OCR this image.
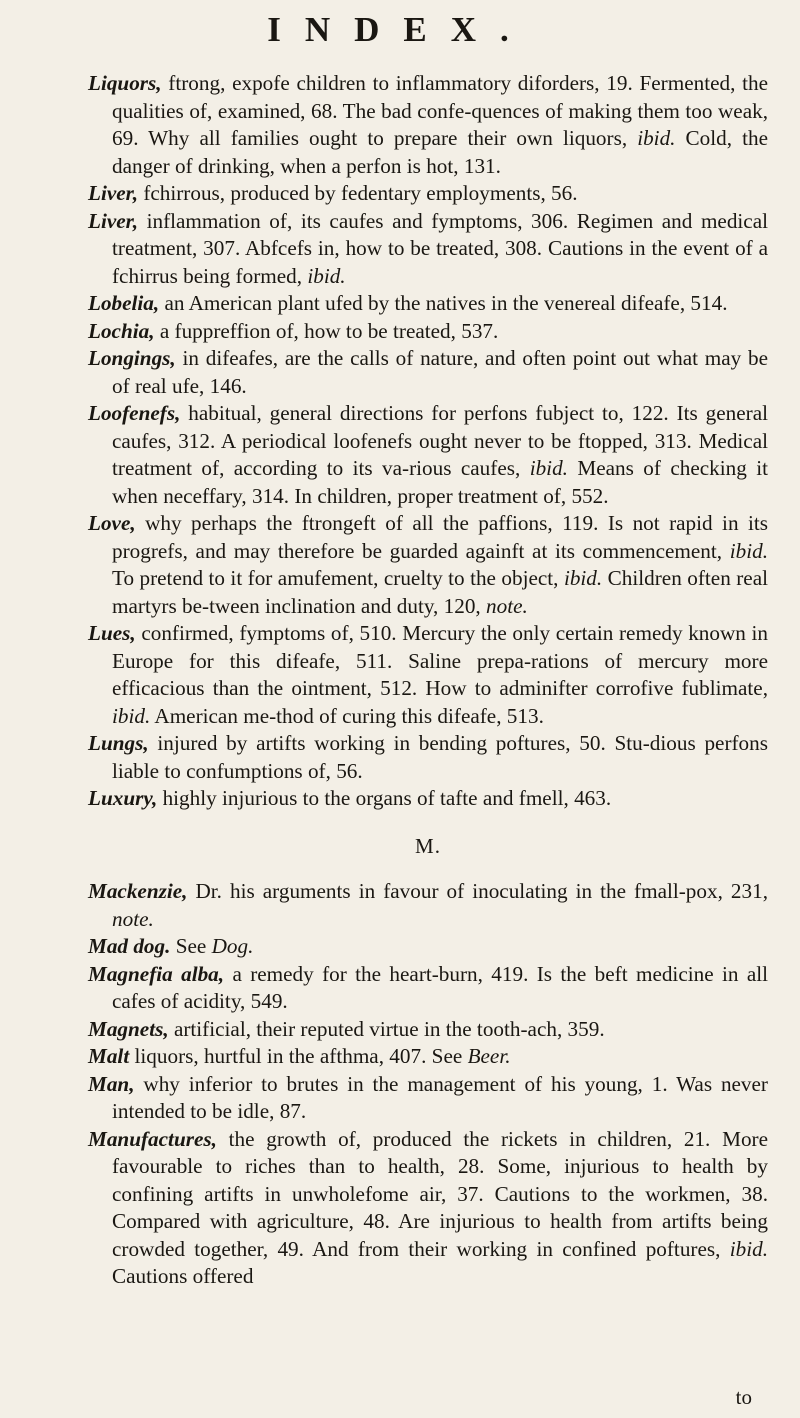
INDEX.

Liquors, ftrong, expofe children to inflammatory diforders, 19. Fermented, the qualities of, examined, 68. The bad confe-quences of making them too weak, 69. Why all families ought to prepare their own liquors, ibid. Cold, the danger of drinking, when a perfon is hot, 131.

Liver, fchirrous, produced by fedentary employments, 56.

Liver, inflammation of, its caufes and fymptoms, 306. Regimen and medical treatment, 307. Abfcefs in, how to be treated, 308. Cautions in the event of a fchirrus being formed, ibid.

Lobelia, an American plant ufed by the natives in the venereal difeafe, 514.

Lochia, a fuppreffion of, how to be treated, 537.

Longings, in difeafes, are the calls of nature, and often point out what may be of real ufe, 146.

Loofenefs, habitual, general directions for perfons fubject to, 122. Its general caufes, 312. A periodical loofenefs ought never to be ftopped, 313. Medical treatment of, according to its va-rious caufes, ibid. Means of checking it when neceffary, 314. In children, proper treatment of, 552.

Love, why perhaps the ftrongeft of all the paffions, 119. Is not rapid in its progrefs, and may therefore be guarded againft at its commencement, ibid. To pretend to it for amufement, cruelty to the object, ibid. Children often real martyrs be-tween inclination and duty, 120, note.

Lues, confirmed, fymptoms of, 510. Mercury the only certain remedy known in Europe for this difeafe, 511. Saline prepa-rations of mercury more efficacious than the ointment, 512. How to adminifter corrofive fublimate, ibid. American me-thod of curing this difeafe, 513.

Lungs, injured by artifts working in bending poftures, 50. Stu-dious perfons liable to confumptions of, 56.

Luxury, highly injurious to the organs of tafte and fmell, 463.

M.

Mackenzie, Dr. his arguments in favour of inoculating in the fmall-pox, 231, note.

Mad dog. See Dog.

Magnefia alba, a remedy for the heart-burn, 419. Is the beft medicine in all cafes of acidity, 549.

Magnets, artificial, their reputed virtue in the tooth-ach, 359.

Malt liquors, hurtful in the afthma, 407. See Beer.

Man, why inferior to brutes in the management of his young, 1. Was never intended to be idle, 87.

Manufactures, the growth of, produced the rickets in children, 21. More favourable to riches than to health, 28. Some, injurious to health by confining artifts in unwholefome air, 37. Cautions to the workmen, 38. Compared with agriculture, 48. Are injurious to health from artifts being crowded together, 49. And from their working in confined poftures, ibid. Cautions offered

to
